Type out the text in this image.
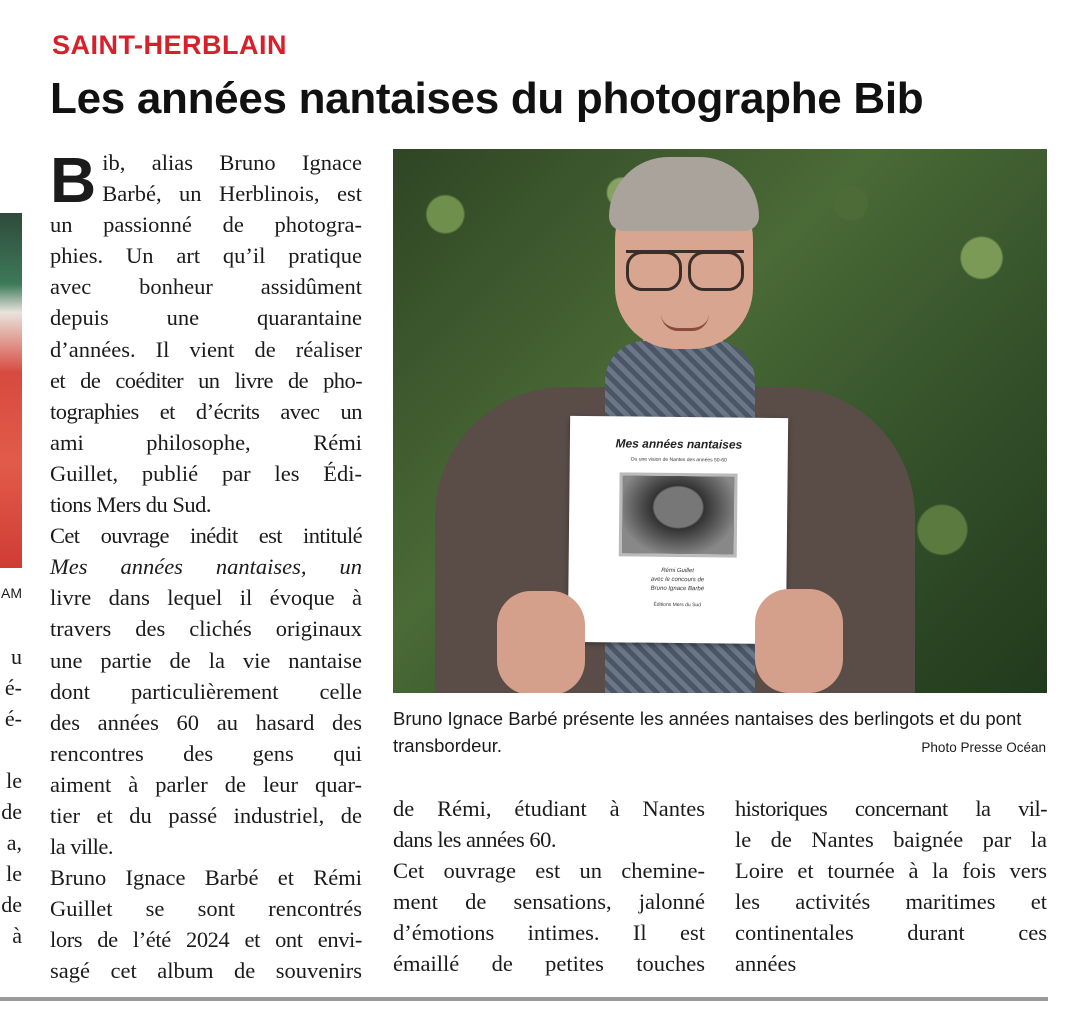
AM
u
é-
é-
le
de
a,
le
de
à
SAINT-HERBLAIN
Les années nantaises du photographe Bib
B ib, alias Bruno Ignace
Barbé, un Herblinois, est
un passionné de photogra-
phies. Un art qu’il pratique
avec bonheur assidûment
depuis une quarantaine
d’années. Il vient de réaliser
et de coéditer un livre de pho-
tographies et d’écrits avec un
ami philosophe, Rémi
Guillet, publié par les Édi-
tions Mers du Sud.
Cet ouvrage inédit est intitulé
Mes années nantaises, un
livre dans lequel il évoque à
travers des clichés originaux
une partie de la vie nantaise
dont particulièrement celle
des années 60 au hasard des
rencontres des gens qui
aiment à parler de leur quar-
tier et du passé industriel, de
la ville.
Bruno Ignace Barbé et Rémi
Guillet se sont rencontrés
lors de l’été 2024 et ont envi-
sagé cet album de souvenirs
Mes années nantaises
Ou une vision de Nantes des années 50-60
Rémi Guillet
avec le concours de
Bruno Ignace Barbé
Éditions Mers du Sud
Bruno Ignace Barbé présente les années nantaises des berlingots et du pont transbordeur.	Photo Presse Océan
de Rémi, étudiant à Nantes
dans les années 60.
Cet ouvrage est un chemine-
ment de sensations, jalonné
d’émotions intimes. Il est
émaillé de petites touches
historiques concernant la vil-
le de Nantes baignée par la
Loire et tournée à la fois vers
les activités maritimes et
continentales durant ces
années
